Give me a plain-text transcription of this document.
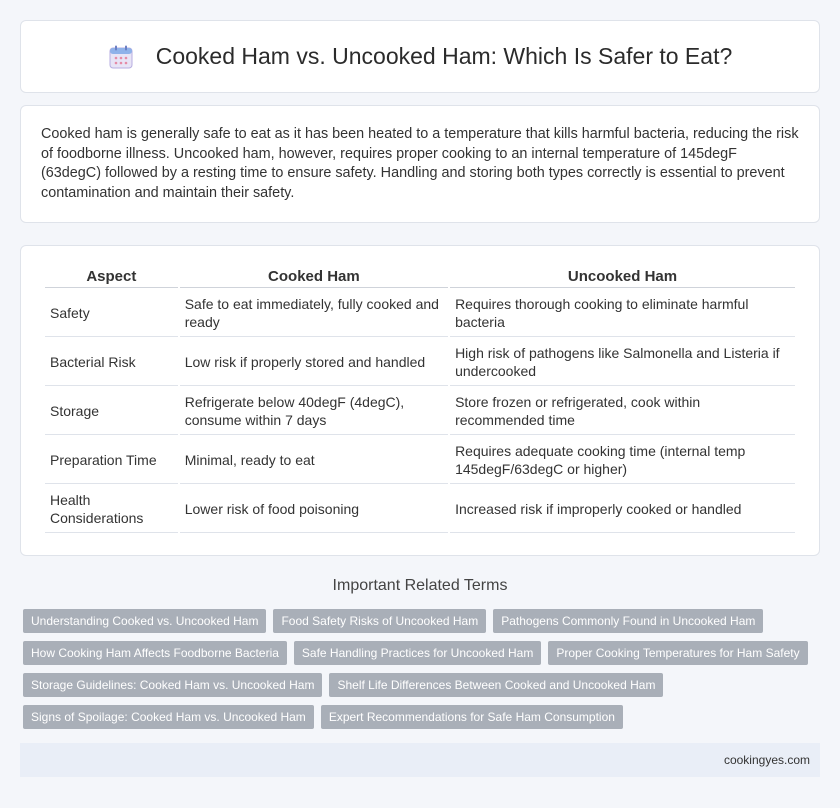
Cooked Ham vs. Uncooked Ham: Which Is Safer to Eat?

Cooked ham is generally safe to eat as it has been heated to a temperature that kills harmful bacteria, reducing the risk of foodborne illness. Uncooked ham, however, requires proper cooking to an internal temperature of 145degF (63degC) followed by a resting time to ensure safety. Handling and storing both types correctly is essential to prevent contamination and maintain their safety.

Aspect	Cooked Ham	Uncooked Ham
Safety	Safe to eat immediately, fully cooked and ready	Requires thorough cooking to eliminate harmful bacteria
Bacterial Risk	Low risk if properly stored and handled	High risk of pathogens like Salmonella and Listeria if undercooked
Storage	Refrigerate below 40degF (4degC), consume within 7 days	Store frozen or refrigerated, cook within recommended time
Preparation Time	Minimal, ready to eat	Requires adequate cooking time (internal temp 145degF/63degC or higher)
Health Considerations	Lower risk of food poisoning	Increased risk if improperly cooked or handled
Important Related Terms
Understanding Cooked vs. Uncooked Ham	Food Safety Risks of Uncooked Ham	Pathogens Commonly Found in Uncooked Ham
How Cooking Ham Affects Foodborne Bacteria	Safe Handling Practices for Uncooked Ham	Proper Cooking Temperatures for Ham Safety
Storage Guidelines: Cooked Ham vs. Uncooked Ham	Shelf Life Differences Between Cooked and Uncooked Ham
Signs of Spoilage: Cooked Ham vs. Uncooked Ham	Expert Recommendations for Safe Ham Consumption
cookingyes.com
